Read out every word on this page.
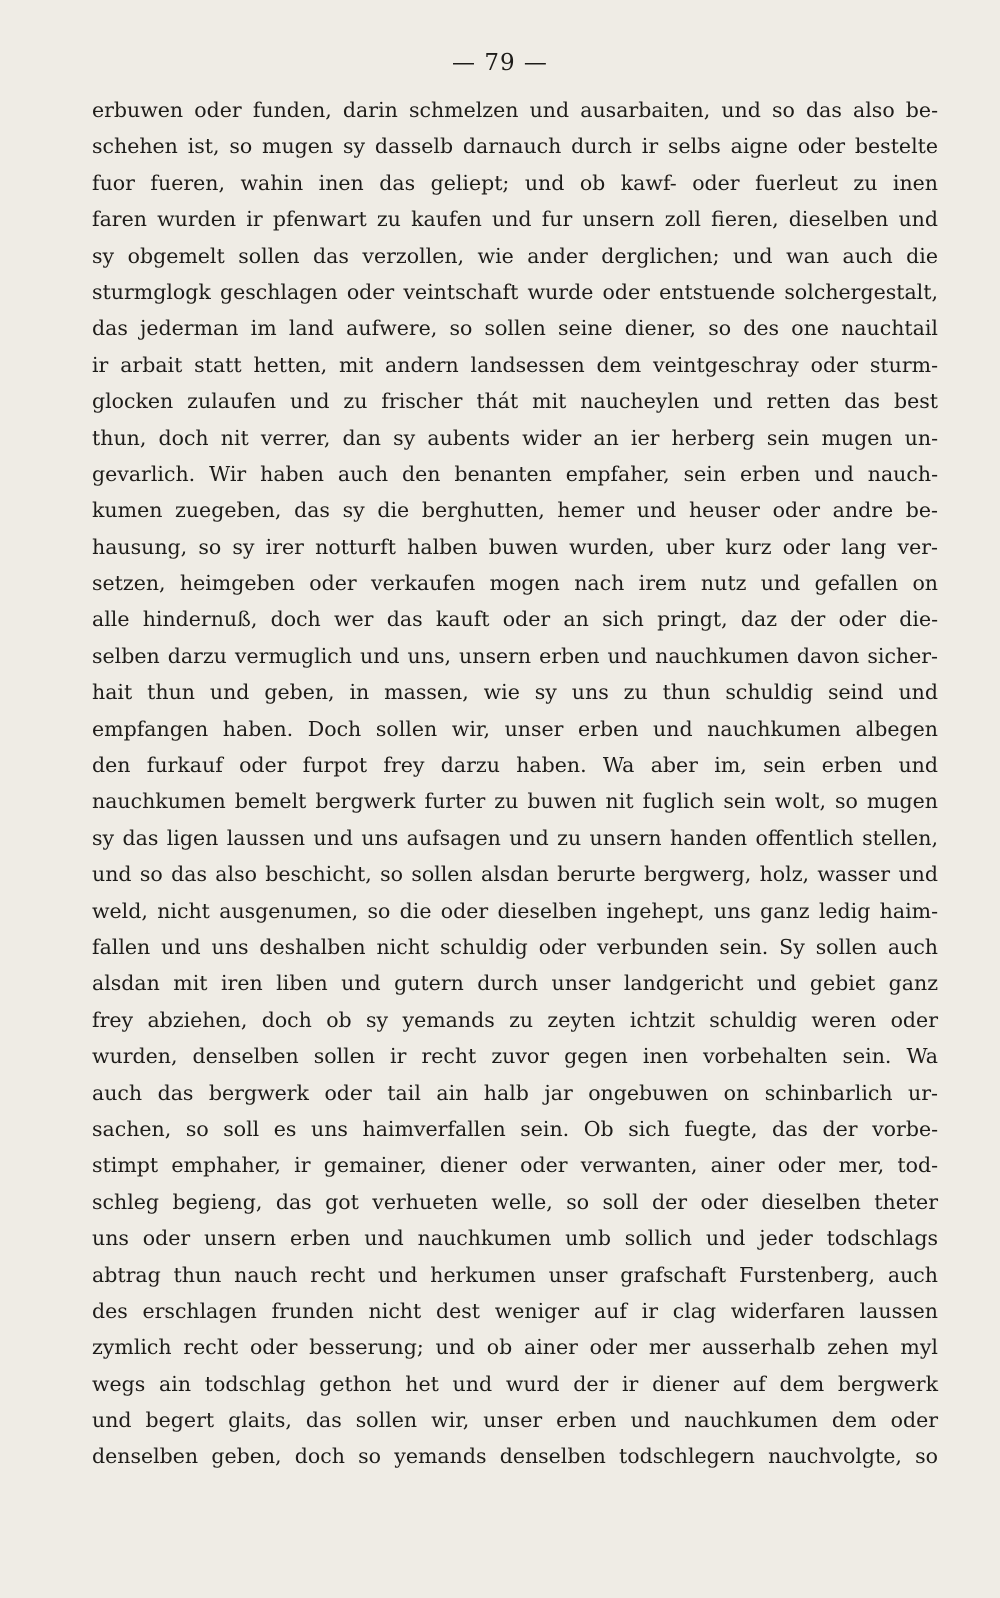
— 79 —
erbuwen oder funden, darin schmelzen und ausarbaiten, und so das also be-
schehen ist, so mugen sy dasselb darnauch durch ir selbs aigne oder bestelte
fuor fueren, wahin inen das geliept; und ob kawf- oder fuerleut zu inen
faren wurden ir pfenwart zu kaufen und fur unsern zoll fieren, dieselben und
sy obgemelt sollen das verzollen, wie ander derglichen; und wan auch die
sturmglogk geschlagen oder veintschaft wurde oder entstuende solchergestalt,
das jederman im land aufwere, so sollen seine diener, so des one nauchtail
ir arbait statt hetten, mit andern landsessen dem veintgeschray oder sturm-
glocken zulaufen und zu frischer thát mit naucheylen und retten das best
thun, doch nit verrer, dan sy aubents wider an ier herberg sein mugen un-
gevarlich. Wir haben auch den benanten empfaher, sein erben und nauch-
kumen zuegeben, das sy die berghutten, hemer und heuser oder andre be-
hausung, so sy irer notturft halben buwen wurden, uber kurz oder lang ver-
setzen, heimgeben oder verkaufen mogen nach irem nutz und gefallen on
alle hindernuß, doch wer das kauft oder an sich pringt, daz der oder die-
selben darzu vermuglich und uns, unsern erben und nauchkumen davon sicher-
hait thun und geben, in massen, wie sy uns zu thun schuldig seind und
empfangen haben. Doch sollen wir, unser erben und nauchkumen albegen
den furkauf oder furpot frey darzu haben. Wa aber im, sein erben und
nauchkumen bemelt bergwerk furter zu buwen nit fuglich sein wolt, so mugen
sy das ligen laussen und uns aufsagen und zu unsern handen offentlich stellen,
und so das also beschicht, so sollen alsdan berurte bergwerg, holz, wasser und
weld, nicht ausgenumen, so die oder dieselben ingehept, uns ganz ledig haim-
fallen und uns deshalben nicht schuldig oder verbunden sein. Sy sollen auch
alsdan mit iren liben und gutern durch unser landgericht und gebiet ganz
frey abziehen, doch ob sy yemands zu zeyten ichtzit schuldig weren oder
wurden, denselben sollen ir recht zuvor gegen inen vorbehalten sein. Wa
auch das bergwerk oder tail ain halb jar ongebuwen on schinbarlich ur-
sachen, so soll es uns haimverfallen sein. Ob sich fuegte, das der vorbe-
stimpt emphaher, ir gemainer, diener oder verwanten, ainer oder mer, tod-
schleg begieng, das got verhueten welle, so soll der oder dieselben theter
uns oder unsern erben und nauchkumen umb sollich und jeder todschlags
abtrag thun nauch recht und herkumen unser grafschaft Furstenberg, auch
des erschlagen frunden nicht dest weniger auf ir clag widerfaren laussen
zymlich recht oder besserung; und ob ainer oder mer ausserhalb zehen myl
wegs ain todschlag gethon het und wurd der ir diener auf dem bergwerk
und begert glaits, das sollen wir, unser erben und nauchkumen dem oder
denselben geben, doch so yemands denselben todschlegern nauchvolgte, so
